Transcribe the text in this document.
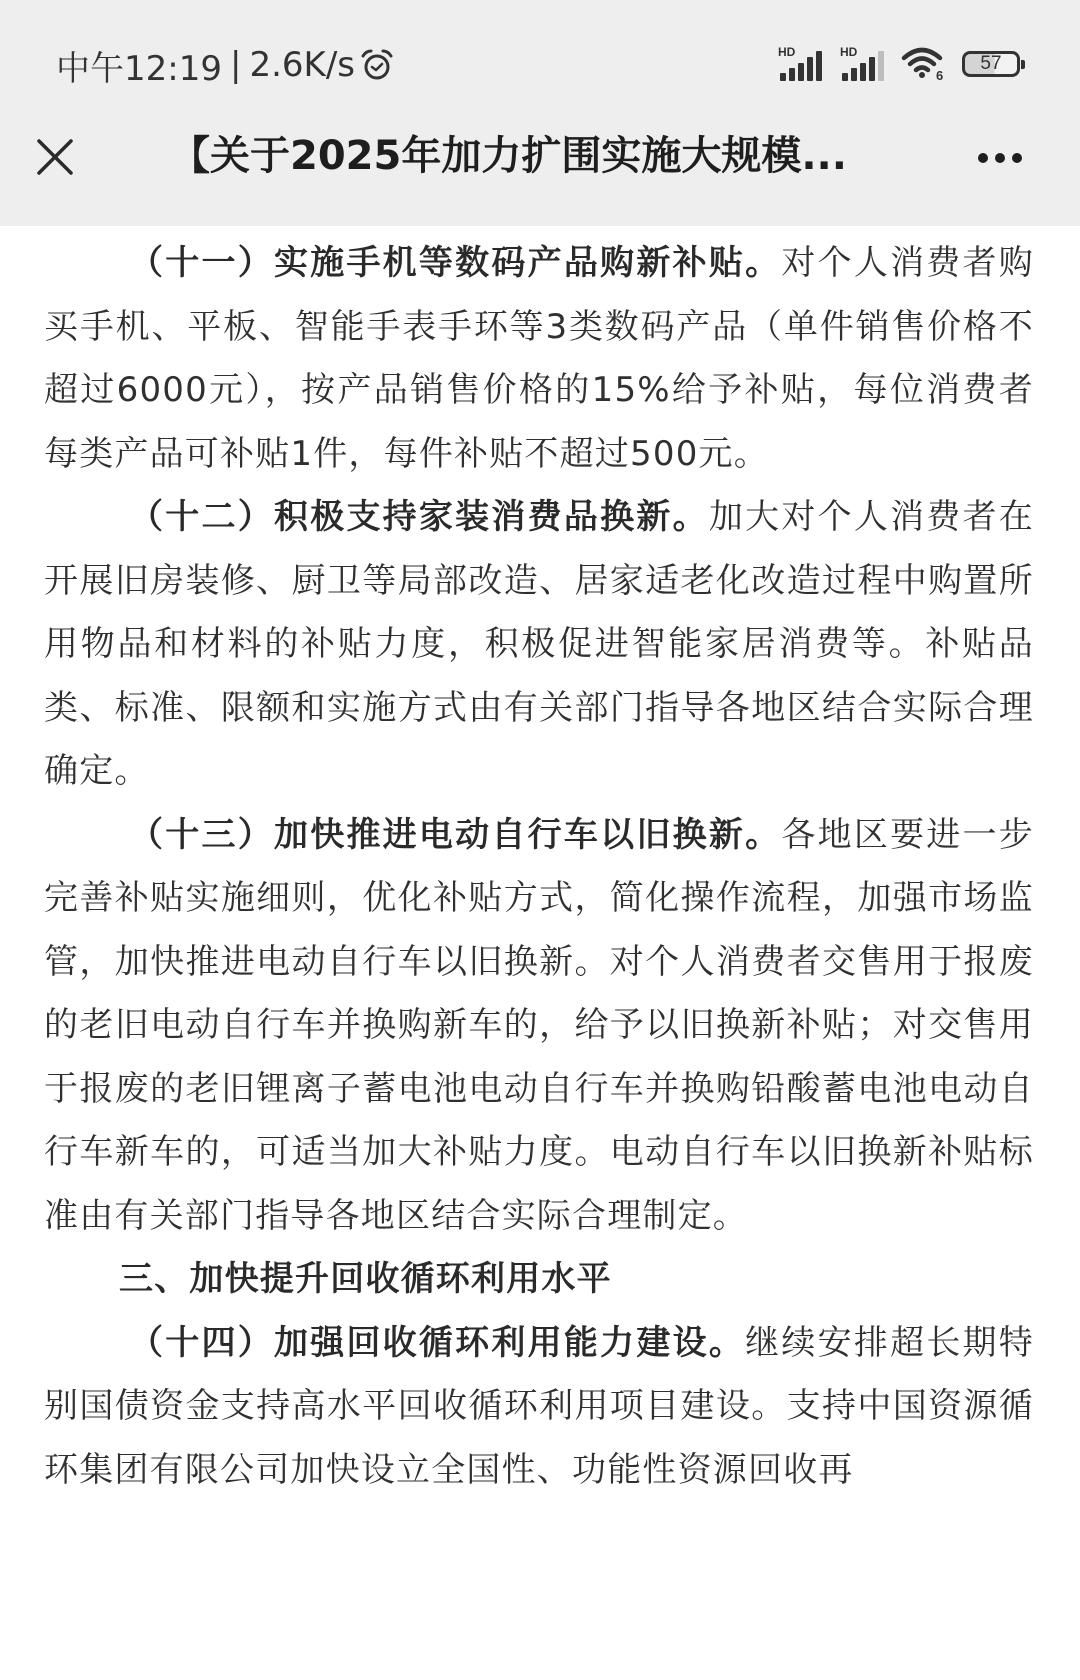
中午12:19 | 2.6K/s	HD	HD
6
57
【关于2025年加力扩围实施大规模...

（十一）实施手机等数码产品购新补贴。对个人消费者购买手机、平板、智能手表手环等3类数码产品（单件销售价格不超过6000元），按产品销售价格的15%给予补贴，每位消费者每类产品可补贴1件，每件补贴不超过500元。

（十二）积极支持家装消费品换新。加大对个人消费者在开展旧房装修、厨卫等局部改造、居家适老化改造过程中购置所用物品和材料的补贴力度，积极促进智能家居消费等。补贴品类、标准、限额和实施方式由有关部门指导各地区结合实际合理确定。

（十三）加快推进电动自行车以旧换新。各地区要进一步完善补贴实施细则，优化补贴方式，简化操作流程，加强市场监管，加快推进电动自行车以旧换新。对个人消费者交售用于报废的老旧电动自行车并换购新车的，给予以旧换新补贴；对交售用于报废的老旧锂离子蓄电池电动自行车并换购铅酸蓄电池电动自行车新车的，可适当加大补贴力度。电动自行车以旧换新补贴标准由有关部门指导各地区结合实际合理制定。

三、加快提升回收循环利用水平

（十四）加强回收循环利用能力建设。继续安排超长期特别国债资金支持高水平回收循环利用项目建设。支持中国资源循环集团有限公司加快设立全国性、功能性资源回收再
